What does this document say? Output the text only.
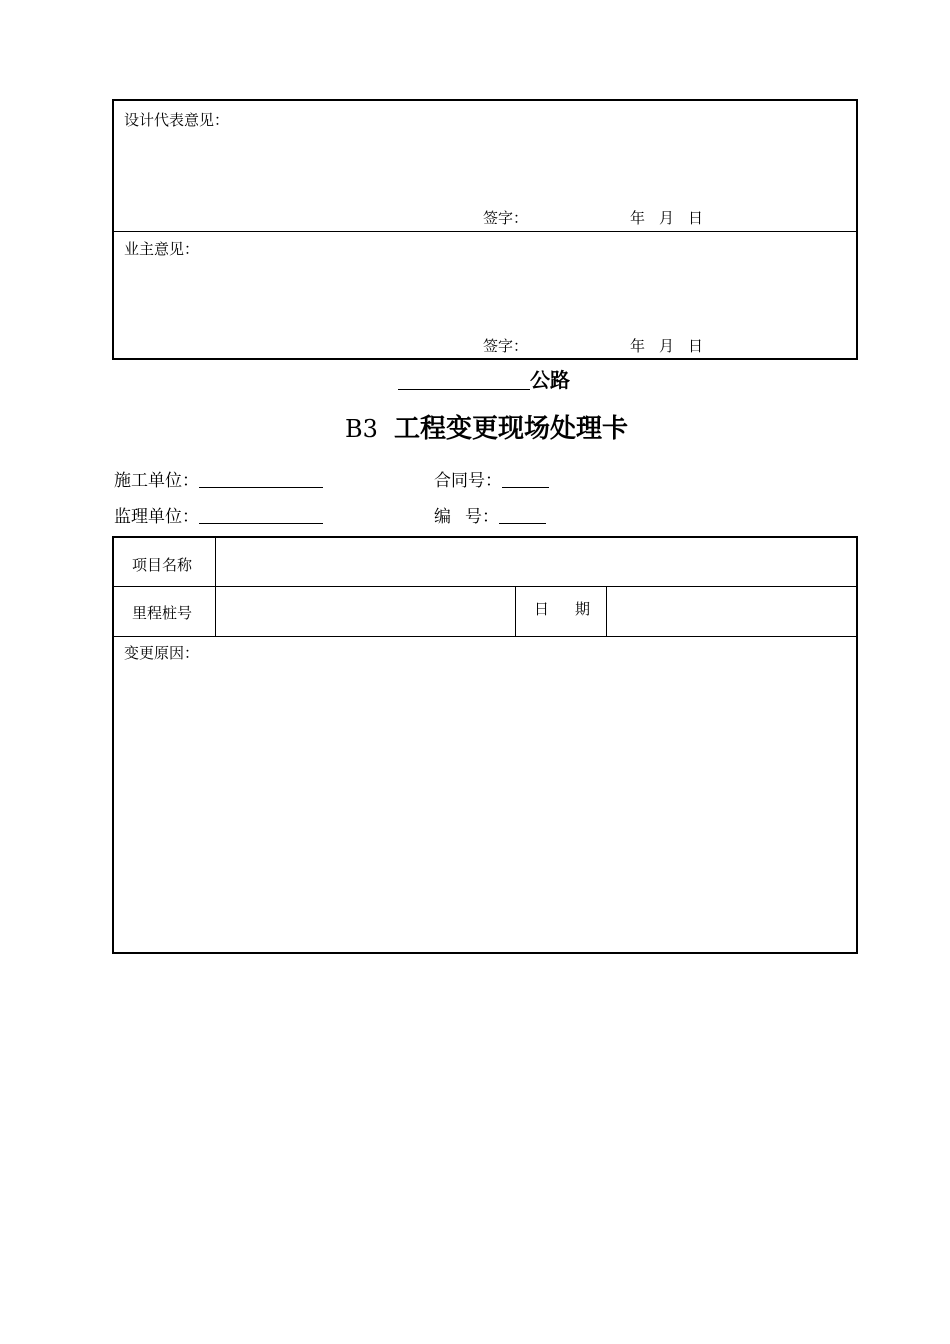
设计代表意见：
签字：	年 月 日
业主意见：
签字：	年 月 日
公路
B3 工程变更现场处理卡
施工单位：	合同号：
监理单位：	编 号：
项目名称
里程桩号	日 期
变更原因：
